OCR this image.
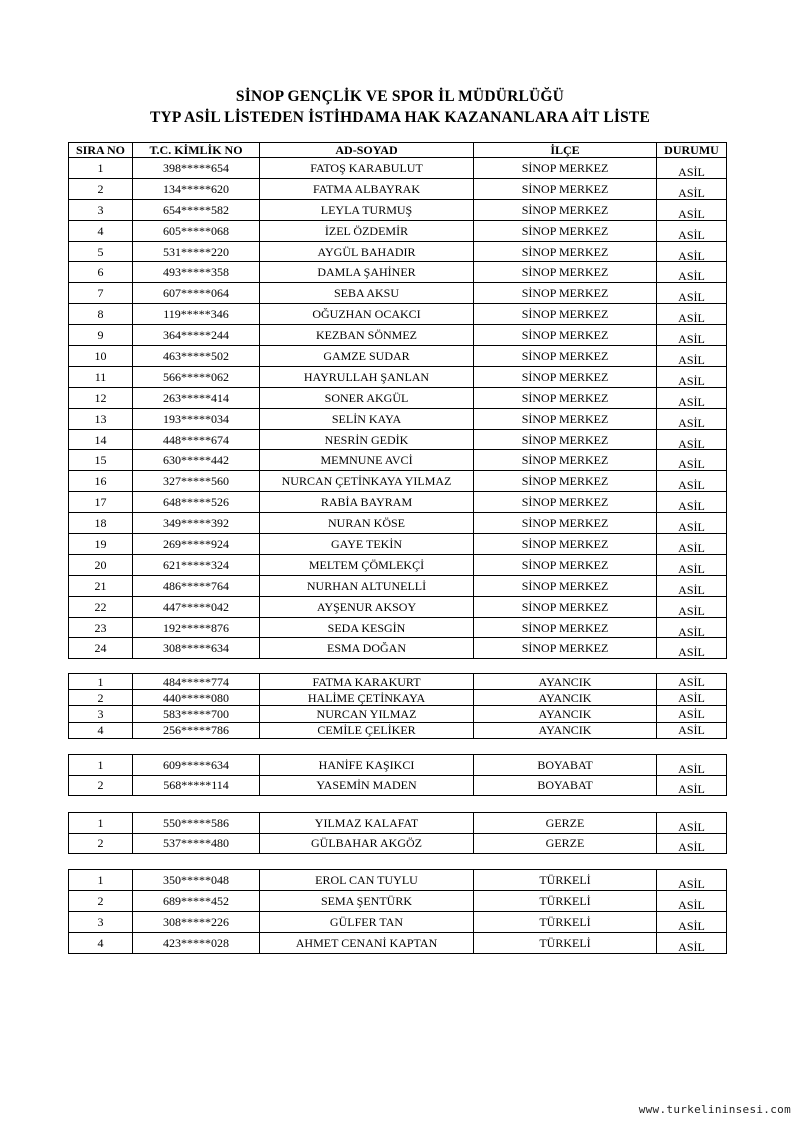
SİNOP GENÇLİK VE SPOR İL MÜDÜRLÜĞÜ
TYP ASİL LİSTEDEN İSTİHDAMA HAK KAZANANLARA AİT LİSTE
SIRA NO	T.C. KİMLİK NO	AD-SOYAD	İLÇE	DURUMU
1	398*****654	FATOŞ KARABULUT	SİNOP MERKEZ	ASİL
2	134*****620	FATMA ALBAYRAK	SİNOP MERKEZ	ASİL
3	654*****582	LEYLA TURMUŞ	SİNOP MERKEZ	ASİL
4	605*****068	İZEL ÖZDEMİR	SİNOP MERKEZ	ASİL
5	531*****220	AYGÜL BAHADIR	SİNOP MERKEZ	ASİL
6	493*****358	DAMLA ŞAHİNER	SİNOP MERKEZ	ASİL
7	607*****064	SEBA AKSU	SİNOP MERKEZ	ASİL
8	119*****346	OĞUZHAN OCAKCI	SİNOP MERKEZ	ASİL
9	364*****244	KEZBAN SÖNMEZ	SİNOP MERKEZ	ASİL
10	463*****502	GAMZE SUDAR	SİNOP MERKEZ	ASİL
11	566*****062	HAYRULLAH ŞANLAN	SİNOP MERKEZ	ASİL
12	263*****414	SONER AKGÜL	SİNOP MERKEZ	ASİL
13	193*****034	SELİN KAYA	SİNOP MERKEZ	ASİL
14	448*****674	NESRİN GEDİK	SİNOP MERKEZ	ASİL
15	630*****442	MEMNUNE AVCİ	SİNOP MERKEZ	ASİL
16	327*****560	NURCAN ÇETİNKAYA YILMAZ	SİNOP MERKEZ	ASİL
17	648*****526	RABİA BAYRAM	SİNOP MERKEZ	ASİL
18	349*****392	NURAN KÖSE	SİNOP MERKEZ	ASİL
19	269*****924	GAYE TEKİN	SİNOP MERKEZ	ASİL
20	621*****324	MELTEM ÇÖMLEKÇİ	SİNOP MERKEZ	ASİL
21	486*****764	NURHAN ALTUNELLİ	SİNOP MERKEZ	ASİL
22	447*****042	AYŞENUR AKSOY	SİNOP MERKEZ	ASİL
23	192*****876	SEDA KESGİN	SİNOP MERKEZ	ASİL
24	308*****634	ESMA DOĞAN	SİNOP MERKEZ	ASİL
1	484*****774	FATMA KARAKURT	AYANCIK	ASİL
2	440*****080	HALİME ÇETİNKAYA	AYANCIK	ASİL
3	583*****700	NURCAN YILMAZ	AYANCIK	ASİL
4	256*****786	CEMİLE ÇELİKER	AYANCIK	ASİL
1	609*****634	HANİFE KAŞIKCI	BOYABAT	ASİL
2	568*****114	YASEMİN MADEN	BOYABAT	ASİL
1	550*****586	YILMAZ KALAFAT	GERZE	ASİL
2	537*****480	GÜLBAHAR AKGÖZ	GERZE	ASİL
1	350*****048	EROL CAN TUYLU	TÜRKELİ	ASİL
2	689*****452	SEMA ŞENTÜRK	TÜRKELİ	ASİL
3	308*****226	GÜLFER TAN	TÜRKELİ	ASİL
4	423*****028	AHMET CENANİ KAPTAN	TÜRKELİ	ASİL
www.turkelininsesi.com
